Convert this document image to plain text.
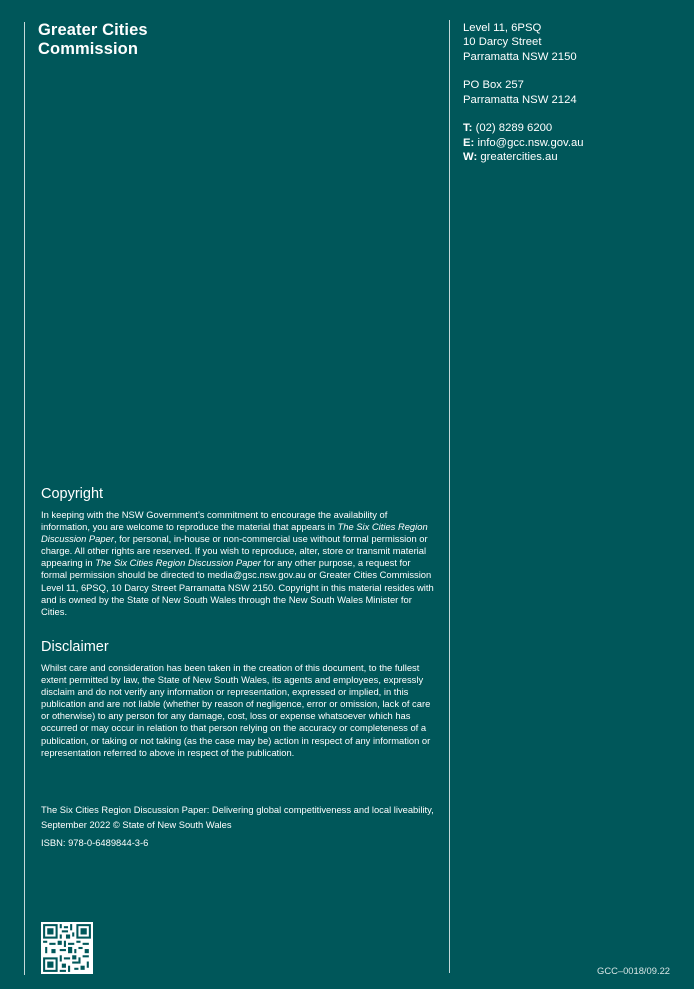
Greater Cities
Commission
Level 11, 6PSQ
10 Darcy Street
Parramatta NSW 2150
PO Box 257
Parramatta NSW 2124
T: (02) 8289 6200
E: info@gcc.nsw.gov.au
W: greatercities.au
Copyright

In keeping with the NSW Government’s commitment to encourage the availability of information, you are welcome to reproduce the material that appears in The Six Cities Region Discussion Paper, for personal, in-house or non-commercial use without formal permission or charge. All other rights are reserved. If you wish to reproduce, alter, store or transmit material appearing in The Six Cities Region Discussion Paper for any other purpose, a request for formal permission should be directed to media@gsc.nsw.gov.au or Greater Cities Commission Level 11, 6PSQ, 10 Darcy Street Parramatta NSW 2150. Copyright in this material resides with and is owned by the State of New South Wales through the New South Wales Minister for Cities.

Disclaimer

Whilst care and consideration has been taken in the creation of this document, to the fullest extent permitted by law, the State of New South Wales, its agents and employees, expressly disclaim and do not verify any information or representation, expressed or implied, in this publication and are not liable (whether by reason of negligence, error or omission, lack of care or otherwise) to any person for any damage, cost, loss or expense whatsoever which has occurred or may occur in relation to that person relying on the accuracy or completeness of a publication, or taking or not taking (as the case may be) action in respect of any information or representation referred to above in respect of the publication.

The Six Cities Region Discussion Paper: Delivering global competitiveness and local liveability, September 2022 © State of New South Wales
ISBN: 978-0-6489844-3-6
GCC–0018/09.22
